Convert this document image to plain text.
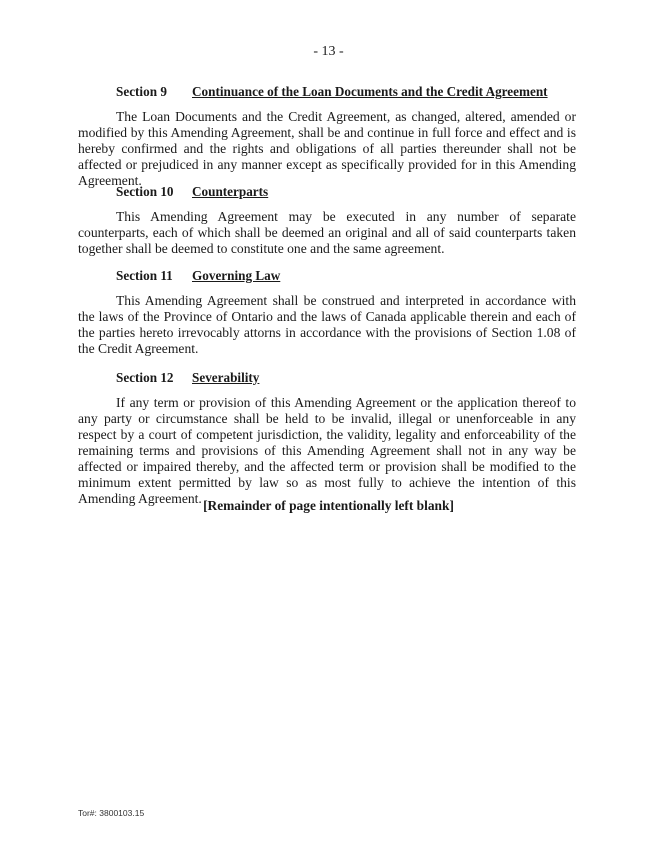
- 13 -
Section 9 Continuance of the Loan Documents and the Credit Agreement

The Loan Documents and the Credit Agreement, as changed, altered, amended or modified by this Amending Agreement, shall be and continue in full force and effect and is hereby confirmed and the rights and obligations of all parties thereunder shall not be affected or prejudiced in any manner except as specifically provided for in this Amending Agreement.

Section 10 Counterparts

This Amending Agreement may be executed in any number of separate counterparts, each of which shall be deemed an original and all of said counterparts taken together shall be deemed to constitute one and the same agreement.

Section 11 Governing Law

This Amending Agreement shall be construed and interpreted in accordance with the laws of the Province of Ontario and the laws of Canada applicable therein and each of the parties hereto irrevocably attorns in accordance with the provisions of Section 1.08 of the Credit Agreement.

Section 12 Severability

If any term or provision of this Amending Agreement or the application thereof to any party or circumstance shall be held to be invalid, illegal or unenforceable in any respect by a court of competent jurisdiction, the validity, legality and enforceability of the remaining terms and provisions of this Amending Agreement shall not in any way be affected or impaired thereby, and the affected term or provision shall be modified to the minimum extent permitted by law so as most fully to achieve the intention of this Amending Agreement. [Remainder of page intentionally left blank]
Tor#: 3800103.15
